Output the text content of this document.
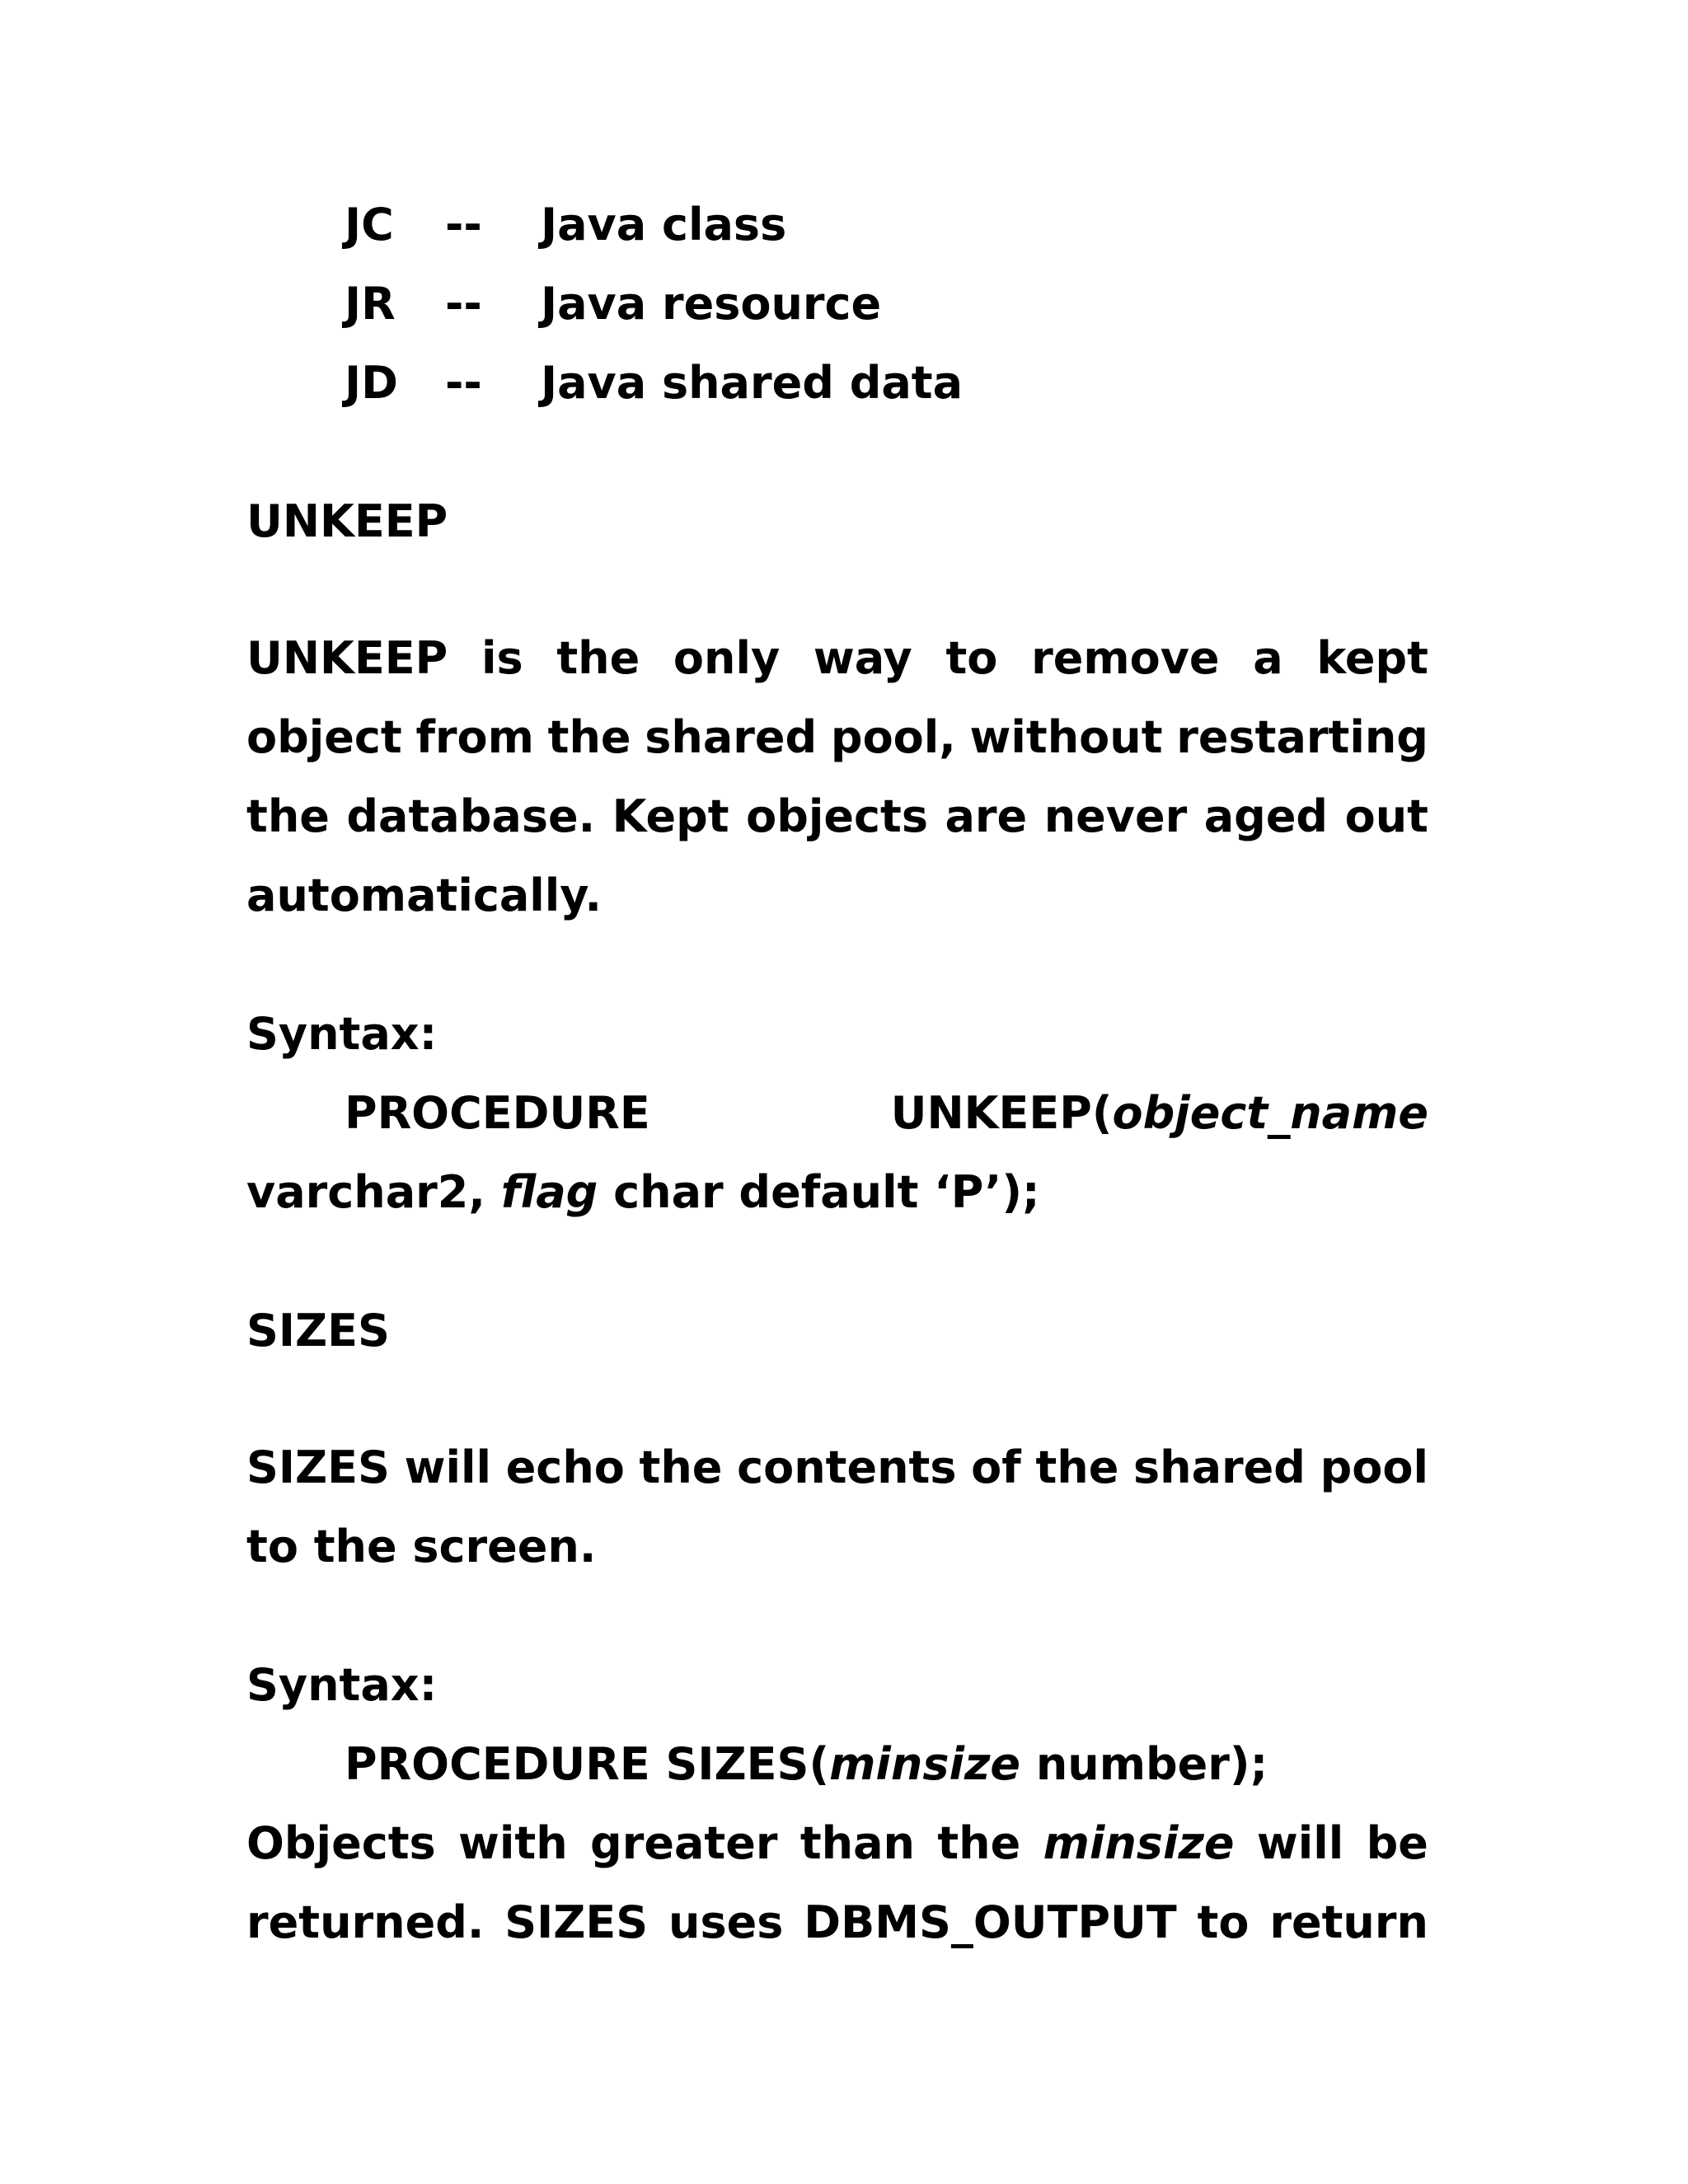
JC -- Java class
JR -- Java resource
JD -- Java shared data
UNKEEP
UNKEEP is the only way to remove a kept
object from the shared pool, without restarting
the database. Kept objects are never aged out
automatically.
Syntax:
PROCEDURE	UNKEEP(object_name
varchar2, flag char default ‘P’);
SIZES
SIZES will echo the contents of the shared pool
to the screen.
Syntax:
PROCEDURE SIZES(minsize number);
Objects with greater than the minsize will be
returned. SIZES uses DBMS_OUTPUT to return
